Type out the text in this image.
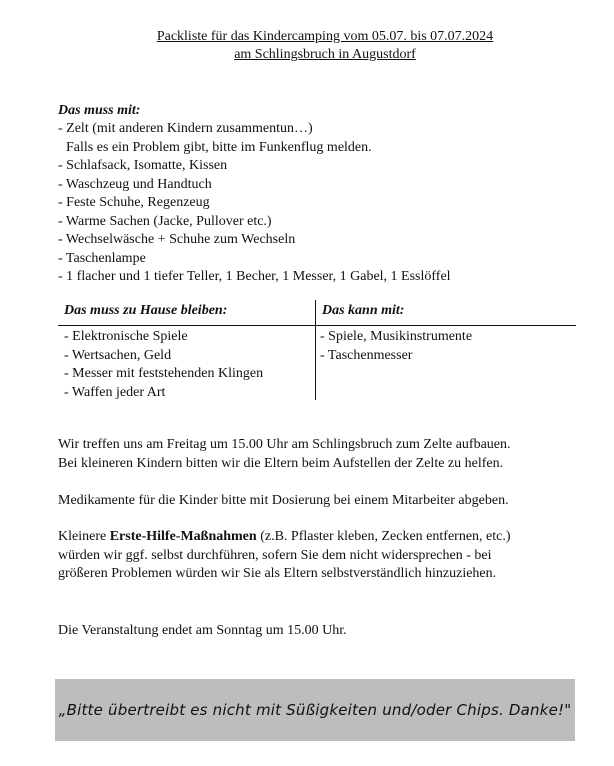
Packliste für das Kindercamping vom 05.07. bis 07.07.2024
am Schlingsbruch in Augustdorf
Das muss mit:
- Zelt (mit anderen Kindern zusammentun…)
Falls es ein Problem gibt, bitte im Funkenflug melden.
- Schlafsack, Isomatte, Kissen
- Waschzeug und Handtuch
- Feste Schuhe, Regenzeug
- Warme Sachen (Jacke, Pullover etc.)
- Wechselwäsche + Schuhe zum Wechseln
- Taschenlampe
- 1 flacher und 1 tiefer Teller, 1 Becher, 1 Messer, 1 Gabel, 1 Esslöffel
Das muss zu Hause bleiben:
- Elektronische Spiele
- Wertsachen, Geld
- Messer mit feststehenden Klingen
- Waffen jeder Art
Das kann mit:
- Spiele, Musikinstrumente
- Taschenmesser
Wir treffen uns am Freitag um 15.00 Uhr am Schlingsbruch zum Zelte aufbauen.
Bei kleineren Kindern bitten wir die Eltern beim Aufstellen der Zelte zu helfen.
Medikamente für die Kinder bitte mit Dosierung bei einem Mitarbeiter abgeben.
Kleinere Erste-Hilfe-Maßnahmen (z.B. Pflaster kleben, Zecken entfernen, etc.)
würden wir ggf. selbst durchführen, sofern Sie dem nicht widersprechen - bei
größeren Problemen würden wir Sie als Eltern selbstverständlich hinzuziehen.
Die Veranstaltung endet am Sonntag um 15.00 Uhr.
„Bitte übertreibt es nicht mit Süßigkeiten und/oder Chips. Danke!"
